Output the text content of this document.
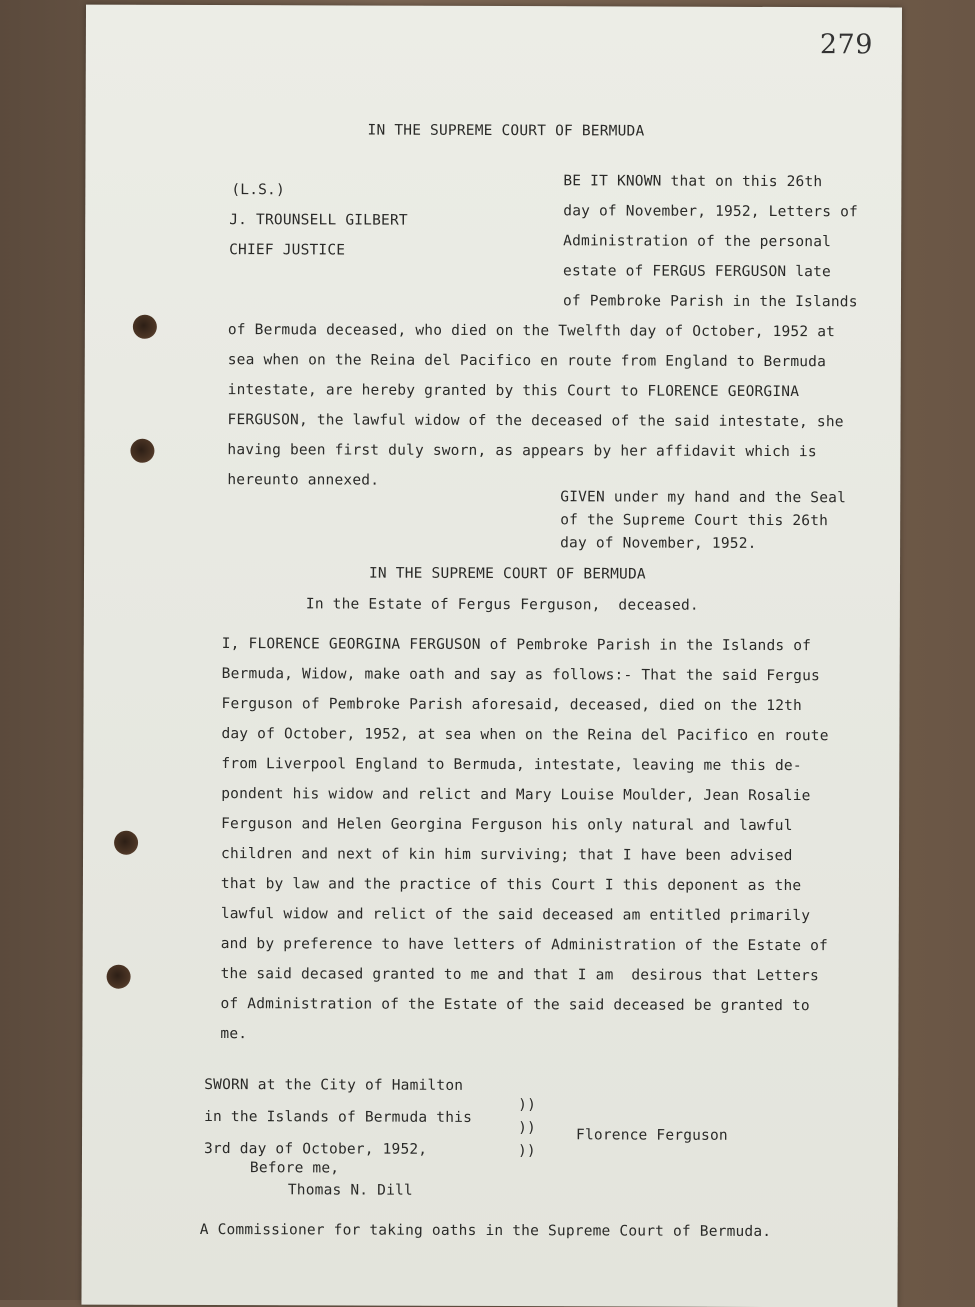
279
IN THE SUPREME COURT OF BERMUDA
(L.S.)
J. TROUNSELL GILBERT
CHIEF JUSTICE
BE IT KNOWN that on this 26th
day of November, 1952, Letters of
Administration of the personal
estate of FERGUS FERGUSON late
of Pembroke Parish in the Islands
of Bermuda deceased, who died on the Twelfth day of October, 1952 at
sea when on the Reina del Pacifico en route from England to Bermuda
intestate, are hereby granted by this Court to FLORENCE GEORGINA
FERGUSON, the lawful widow of the deceased of the said intestate, she
having been first duly sworn, as appears by her affidavit which is
hereunto annexed.
GIVEN under my hand and the Seal
of the Supreme Court this 26th
day of November, 1952.
IN THE SUPREME COURT OF BERMUDA
In the Estate of Fergus Ferguson,  deceased.
I, FLORENCE GEORGINA FERGUSON of Pembroke Parish in the Islands of
Bermuda, Widow, make oath and say as follows:- That the said Fergus
Ferguson of Pembroke Parish aforesaid, deceased, died on the 12th
day of October, 1952, at sea when on the Reina del Pacifico en route
from Liverpool England to Bermuda, intestate, leaving me this de-
pondent his widow and relict and Mary Louise Moulder, Jean Rosalie
Ferguson and Helen Georgina Ferguson his only natural and lawful
children and next of kin him surviving; that I have been advised
that by law and the practice of this Court I this deponent as the
lawful widow and relict of the said deceased am entitled primarily
and by preference to have letters of Administration of the Estate of
the said decased granted to me and that I am  desirous that Letters
of Administration of the Estate of the said deceased be granted to
me.
SWORN at the City of Hamilton
in the Islands of Bermuda this
3rd day of October, 1952,
))
))
))
Florence Ferguson
Before me,
Thomas N. Dill
A Commissioner for taking oaths in the Supreme Court of Bermuda.
